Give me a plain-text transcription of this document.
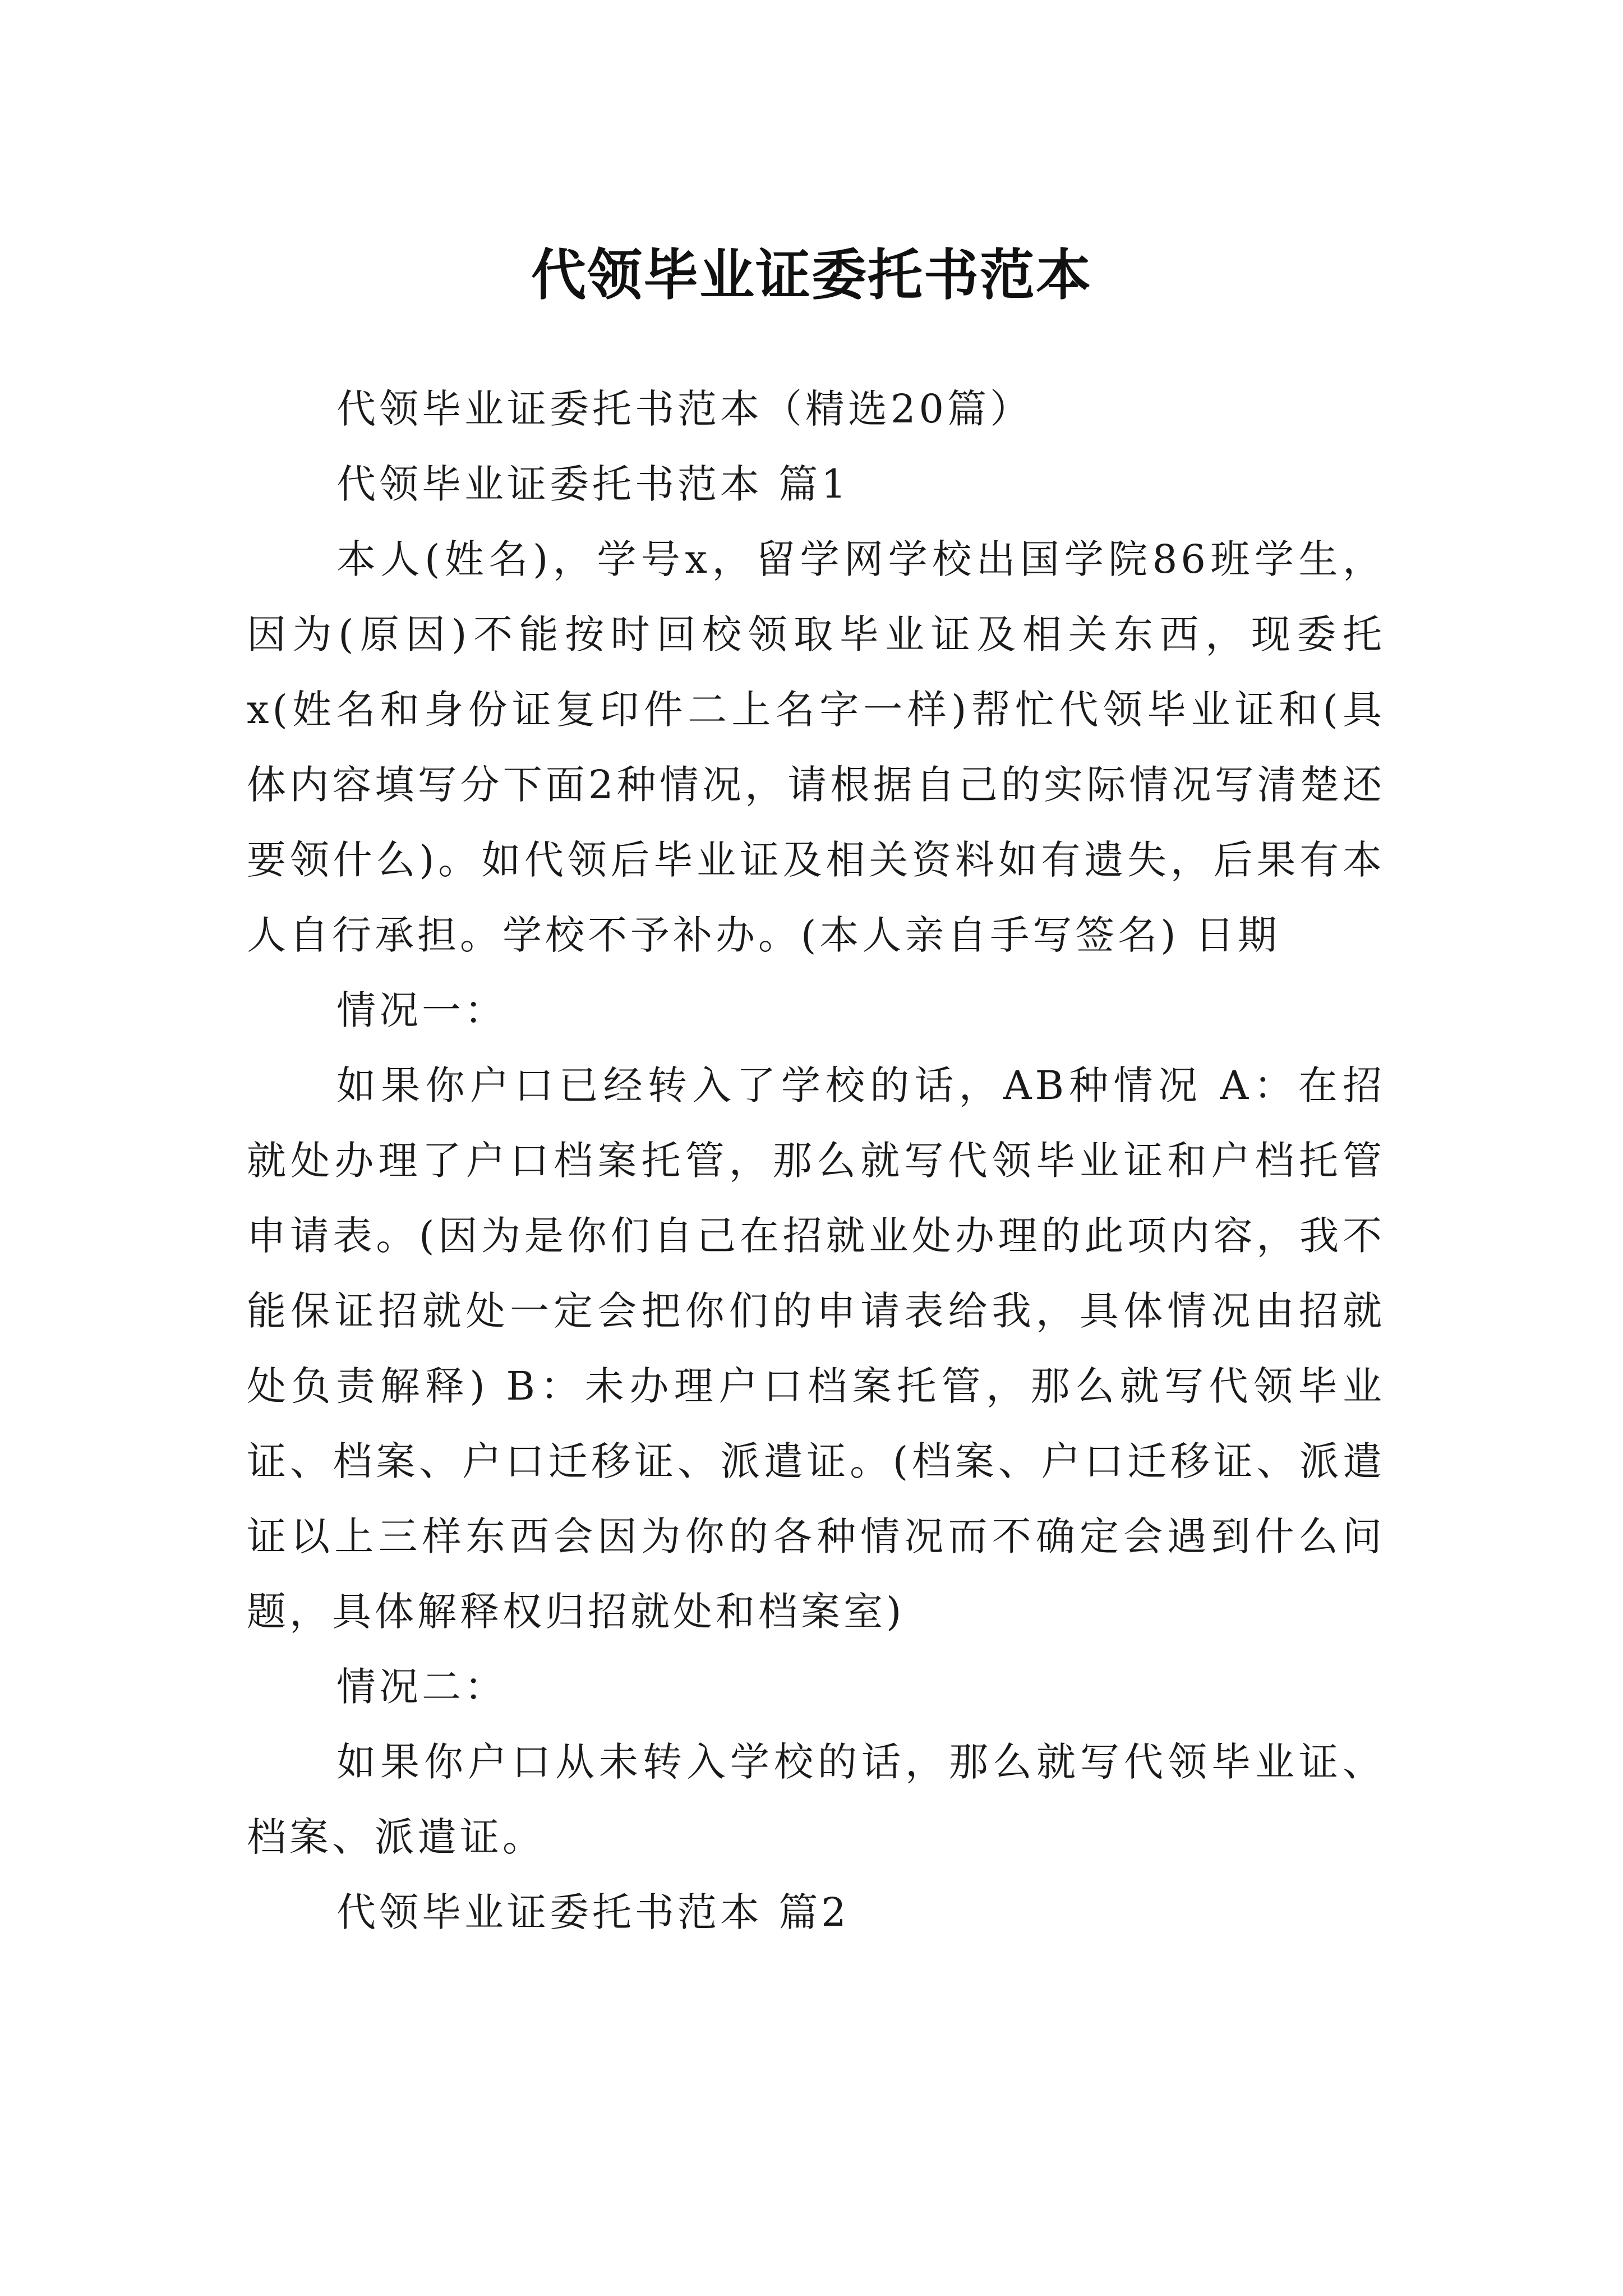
代领毕业证委托书范本

代领毕业证委托书范本（精选20篇）

代领毕业证委托书范本 篇1

本人(姓名)，学号x，留学网学校出国学院86班学生，因为(原因)不能按时回校领取毕业证及相关东西，现委托x(姓名和身份证复印件二上名字一样)帮忙代领毕业证和(具体内容填写分下面2种情况，请根据自己的实际情况写清楚还要领什么)。如代领后毕业证及相关资料如有遗失，后果有本人自行承担。学校不予补办。(本人亲自手写签名) 日期

情况一：

如果你户口已经转入了学校的话，AB种情况 A：在招就处办理了户口档案托管，那么就写代领毕业证和户档托管申请表。(因为是你们自己在招就业处办理的此项内容，我不能保证招就处一定会把你们的申请表给我，具体情况由招就处负责解释) B：未办理户口档案托管，那么就写代领毕业证、档案、户口迁移证、派遣证。(档案、户口迁移证、派遣证以上三样东西会因为你的各种情况而不确定会遇到什么问题，具体解释权归招就处和档案室)

情况二：

如果你户口从未转入学校的话，那么就写代领毕业证、档案、派遣证。

代领毕业证委托书范本 篇2
